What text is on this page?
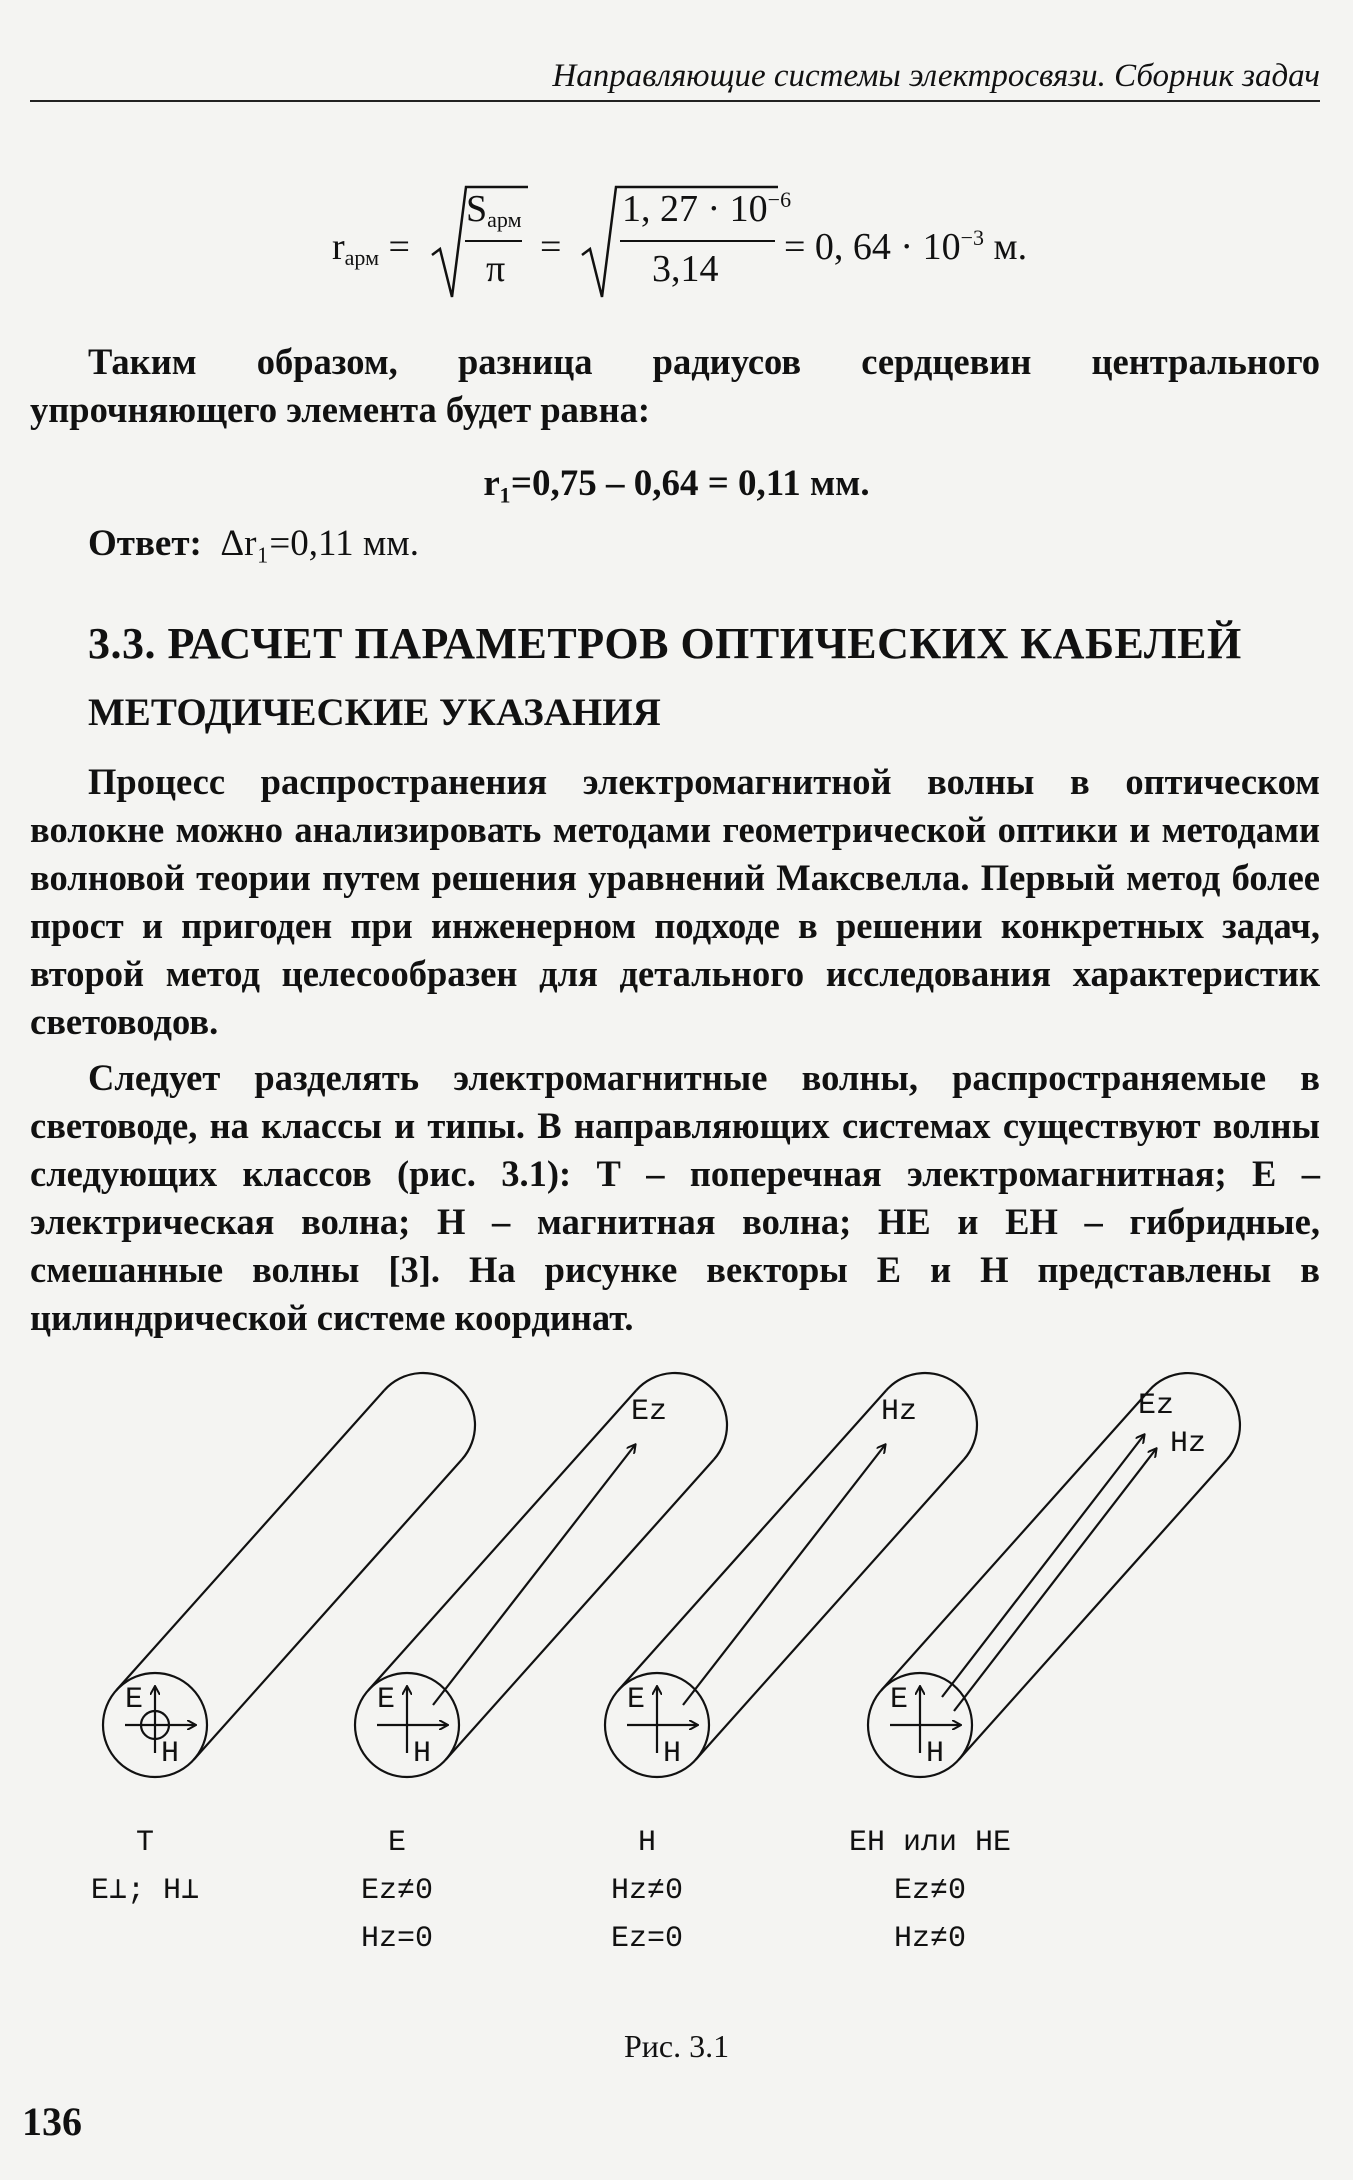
Направляющие системы электросвязи. Сборник задач
rарм =
Sарм
π
=
1, $27 \cdot 10^{-6}$
3,14
= 0, $64 \cdot 10^{-3}$ м.
Таким образом, разница радиусов сердцевин центрального упрочняющего элемента будет равна:
r₁=0,75 – 0,64 = 0,11 мм.
Ответ: Δr₁=0,11 мм.
3.3. РАСЧЕТ ПАРАМЕТРОВ ОПТИЧЕСКИХ КАБЕЛЕЙ
МЕТОДИЧЕСКИЕ УКАЗАНИЯ
Процесс распространения электромагнитной волны в оптическом волокне можно анализировать методами геометрической оптики и методами волновой теории путем решения уравнений Максвелла. Первый метод более прост и пригоден при инженерном подходе в решении конкретных задач, второй метод целесообразен для детального исследования характеристик световодов.
Следует разделять электромагнитные волны, распространяемые в световоде, на классы и типы. В направляющих системах существуют волны следующих классов (рис. 3.1): Т – поперечная электромагнитная; Е – электрическая волна; Н – магнитная волна; НЕ и ЕН – гибридные, смешанные волны [3]. На рисунке векторы Е и Н представлены в цилиндрической системе координат.
E
H
T
E⊥; H⊥
E
H
Ez
E
Ez≠0
Hz=0
E
H
Hz
H
Hz≠0
Ez=0
E
H
Ez
Hz
EH или HE
Ez≠0
Hz≠0
Рис. 3.1
136
